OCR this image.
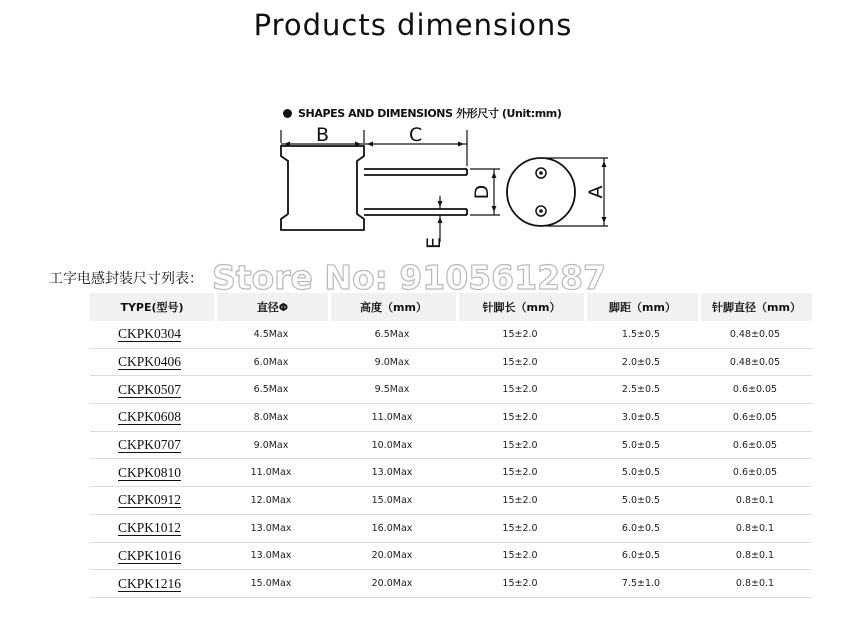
Products dimensions
SHAPES AND DIMENSIONS 外形尺寸 (Unit:mm)
B	C
D
E
A
工字电感封装尺寸列表：
TYPE(型号)	直径Φ	高度（mm）	针脚长（mm）	脚距（mm）	针脚直径（mm）
CKPK0304	4.5Max	6.5Max	15±2.0	1.5±0.5	0.48±0.05
CKPK0406	6.0Max	9.0Max	15±2.0	2.0±0.5	0.48±0.05
CKPK0507	6.5Max	9.5Max	15±2.0	2.5±0.5	0.6±0.05
CKPK0608	8.0Max	11.0Max	15±2.0	3.0±0.5	0.6±0.05
CKPK0707	9.0Max	10.0Max	15±2.0	5.0±0.5	0.6±0.05
CKPK0810	11.0Max	13.0Max	15±2.0	5.0±0.5	0.6±0.05
CKPK0912	12.0Max	15.0Max	15±2.0	5.0±0.5	0.8±0.1
CKPK1012	13.0Max	16.0Max	15±2.0	6.0±0.5	0.8±0.1
CKPK1016	13.0Max	20.0Max	15±2.0	6.0±0.5	0.8±0.1
CKPK1216	15.0Max	20.0Max	15±2.0	7.5±1.0	0.8±0.1
Store No: 910561287
